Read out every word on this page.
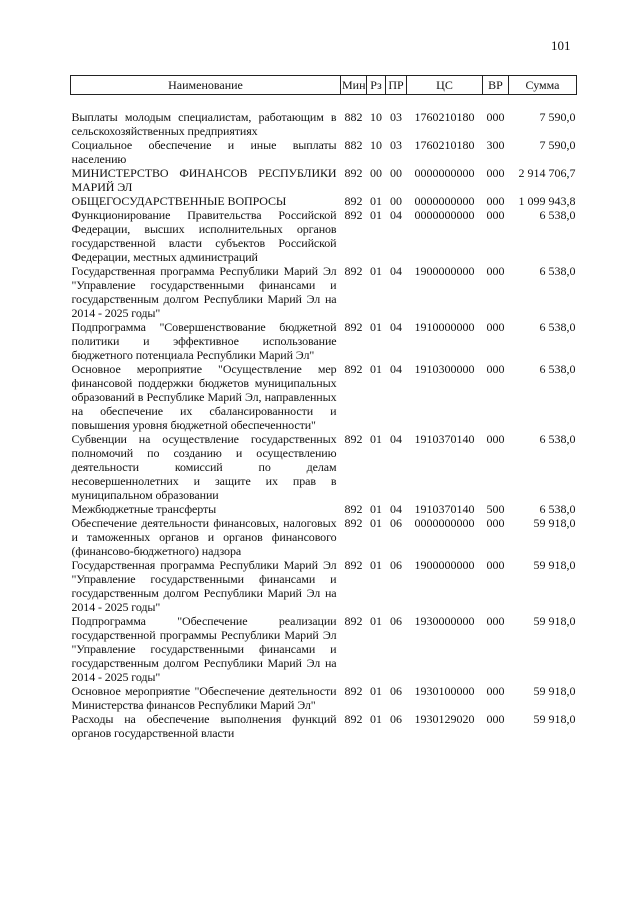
101
Наименование	Мин	Рз	ПР	ЦС	ВР	Сумма
Выплаты молодым специалистам, работающим в сельскохозяйственных предприятиях	882	10	03	1760210180	000	7 590,0
Социальное обеспечение и иные выплаты населению	882	10	03	1760210180	300	7 590,0
МИНИСТЕРСТВО ФИНАНСОВ РЕСПУБЛИКИ МАРИЙ ЭЛ	892	00	00	0000000000	000	2 914 706,7
ОБЩЕГОСУДАРСТВЕННЫЕ ВОПРОСЫ	892	01	00	0000000000	000	1 099 943,8
Функционирование Правительства Российской Федерации, высших исполнительных органов государственной власти субъектов Российской Федерации, местных администраций	892	01	04	0000000000	000	6 538,0
Государственная программа Республики Марий Эл "Управление государственными финансами и государственным долгом Республики Марий Эл на 2014 - 2025 годы"	892	01	04	1900000000	000	6 538,0
Подпрограмма "Совершенствование бюджетной политики и эффективное использование бюджетного потенциала Республики Марий Эл"	892	01	04	1910000000	000	6 538,0
Основное мероприятие "Осуществление мер финансовой поддержки бюджетов муниципальных образований в Республике Марий Эл, направленных на обеспечение их сбалансированности и повышения уровня бюджетной обеспеченности"	892	01	04	1910300000	000	6 538,0
Субвенции на осуществление государственных полномочий по созданию и осуществлению деятельности комиссий по делам несовершеннолетних и защите их прав в муниципальном образовании	892	01	04	1910370140	000	6 538,0
Межбюджетные трансферты	892	01	04	1910370140	500	6 538,0
Обеспечение деятельности финансовых, налоговых и таможенных органов и органов финансового (финансово-бюджетного) надзора	892	01	06	0000000000	000	59 918,0
Государственная программа Республики Марий Эл "Управление государственными финансами и государственным долгом Республики Марий Эл на 2014 - 2025 годы"	892	01	06	1900000000	000	59 918,0
Подпрограмма "Обеспечение реализации государственной программы Республики Марий Эл "Управление государственными финансами и государственным долгом Республики Марий Эл на 2014 - 2025 годы"	892	01	06	1930000000	000	59 918,0
Основное мероприятие "Обеспечение деятельности Министерства финансов Республики Марий Эл"	892	01	06	1930100000	000	59 918,0
Расходы на обеспечение выполнения функций органов государственной власти	892	01	06	1930129020	000	59 918,0
